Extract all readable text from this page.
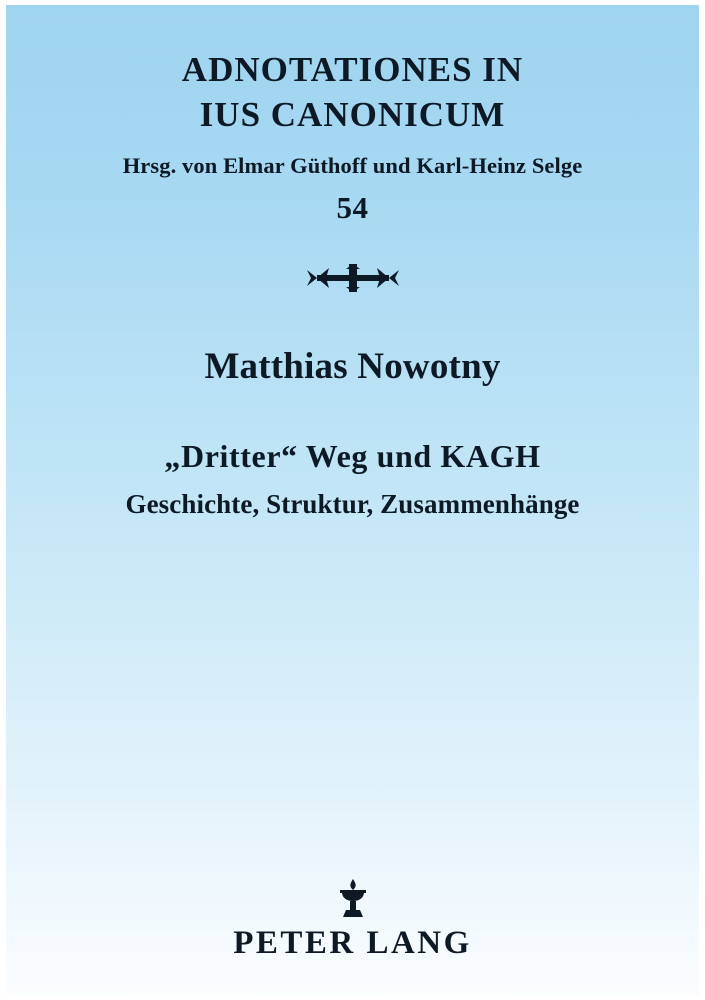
ADNOTATIONES IN
IUS CANONICUM
Hrsg. von Elmar Güthoff und Karl-Heinz Selge
54
Matthias Nowotny
„Dritter“ Weg und KAGH
Geschichte, Struktur, Zusammenhänge
PETER LANG
